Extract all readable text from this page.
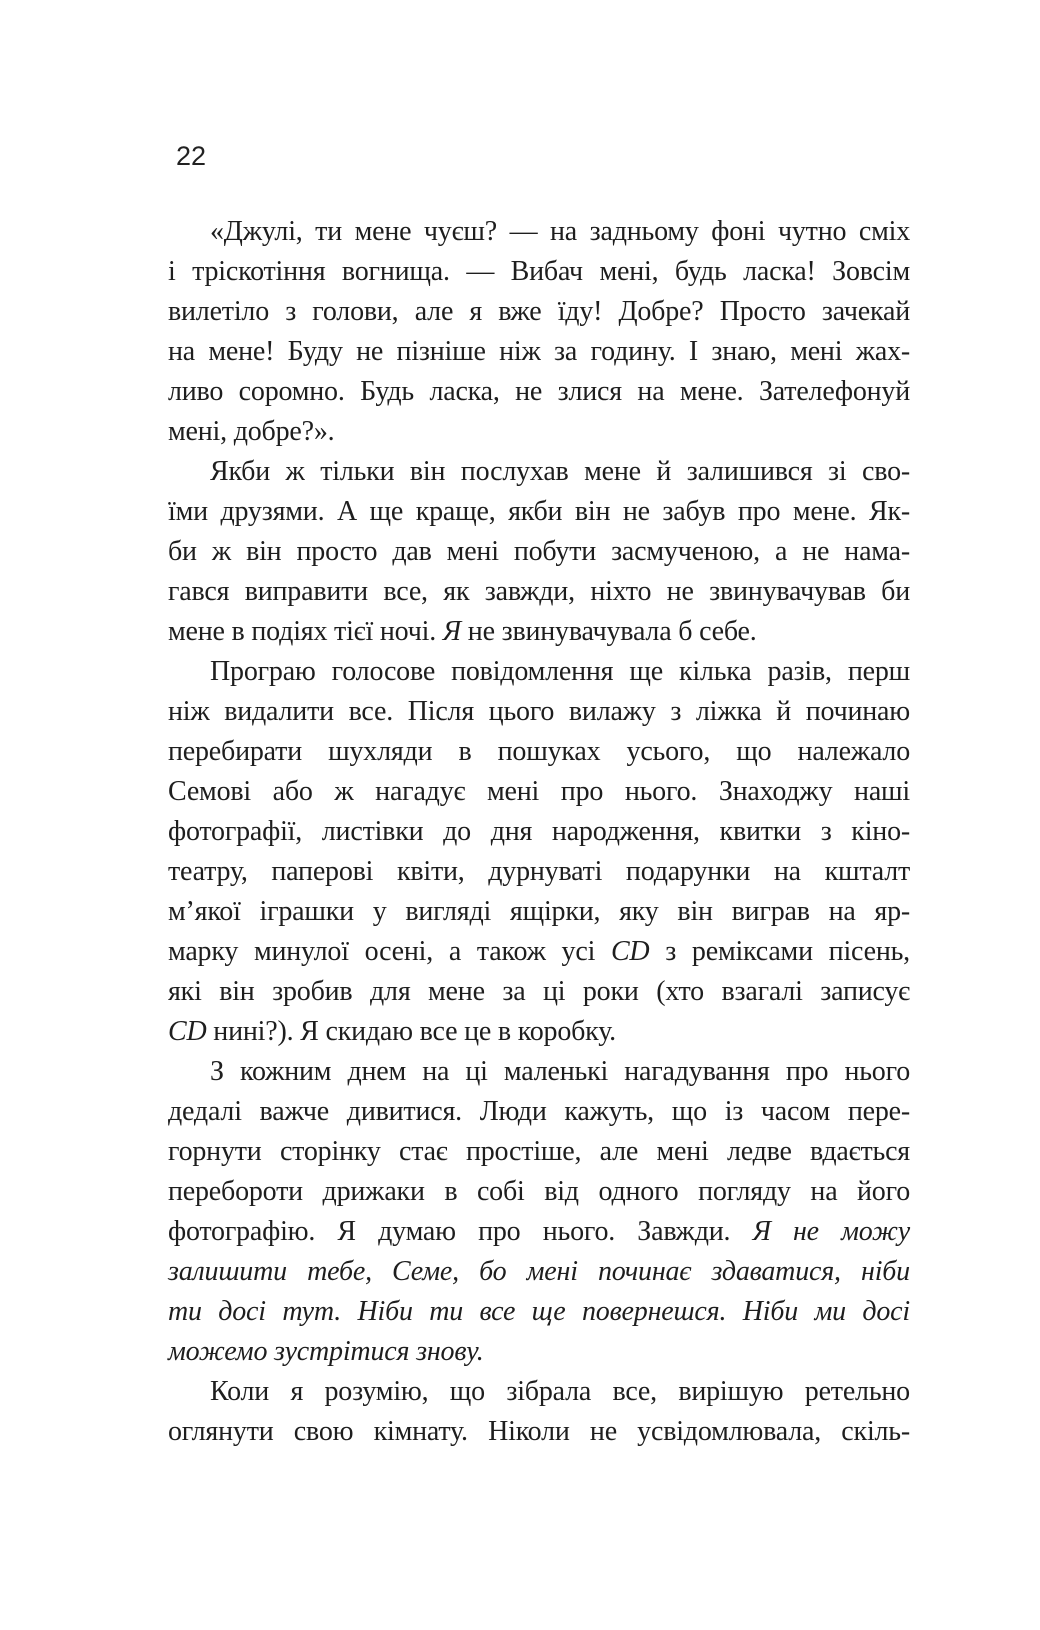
22
«Джулі, ти мене чуєш? — на задньому фоні чутно сміх
і тріскотіння вогнища. — Вибач мені, будь ласка! Зовсім
вилетіло з голови, але я вже їду! Добре? Просто зачекай
на мене! Буду не пізніше ніж за годину. І знаю, мені жах-
ливо соромно. Будь ласка, не злися на мене. Зателефонуй
мені, добре?».
Якби ж тільки він послухав мене й залишився зі сво-
їми друзями. А ще краще, якби він не забув про мене. Як-
би ж він просто дав мені побути засмученою, а не нама-
гався виправити все, як завжди, ніхто не звинувачував би
мене в подіях тієї ночі. Я не звинувачувала б себе.
Програю голосове повідомлення ще кілька разів, перш
ніж видалити все. Після цього вилажу з ліжка й починаю
перебирати шухляди в пошуках усього, що належало
Семові або ж нагадує мені про нього. Знаходжу наші
фотографії, листівки до дня народження, квитки з кіно-
театру, паперові квіти, дурнуваті подарунки на кшталт
м’якої іграшки у вигляді ящірки, яку він виграв на яр-
марку минулої осені, а також усі CD з реміксами пісень,
які він зробив для мене за ці роки (хто взагалі записує
CD нині?). Я скидаю все це в коробку.
З кожним днем на ці маленькі нагадування про нього
дедалі важче дивитися. Люди кажуть, що із часом пере-
горнути сторінку стає простіше, але мені ледве вдається
перебороти дрижаки в собі від одного погляду на його
фотографію. Я думаю про нього. Завжди. Я не можу
залишити тебе, Семе, бо мені починає здаватися, ніби
ти досі тут. Ніби ти все ще повернешся. Ніби ми досі
можемо зустрітися знову.
Коли я розумію, що зібрала все, вирішую ретельно
оглянути свою кімнату. Ніколи не усвідомлювала, скіль-
